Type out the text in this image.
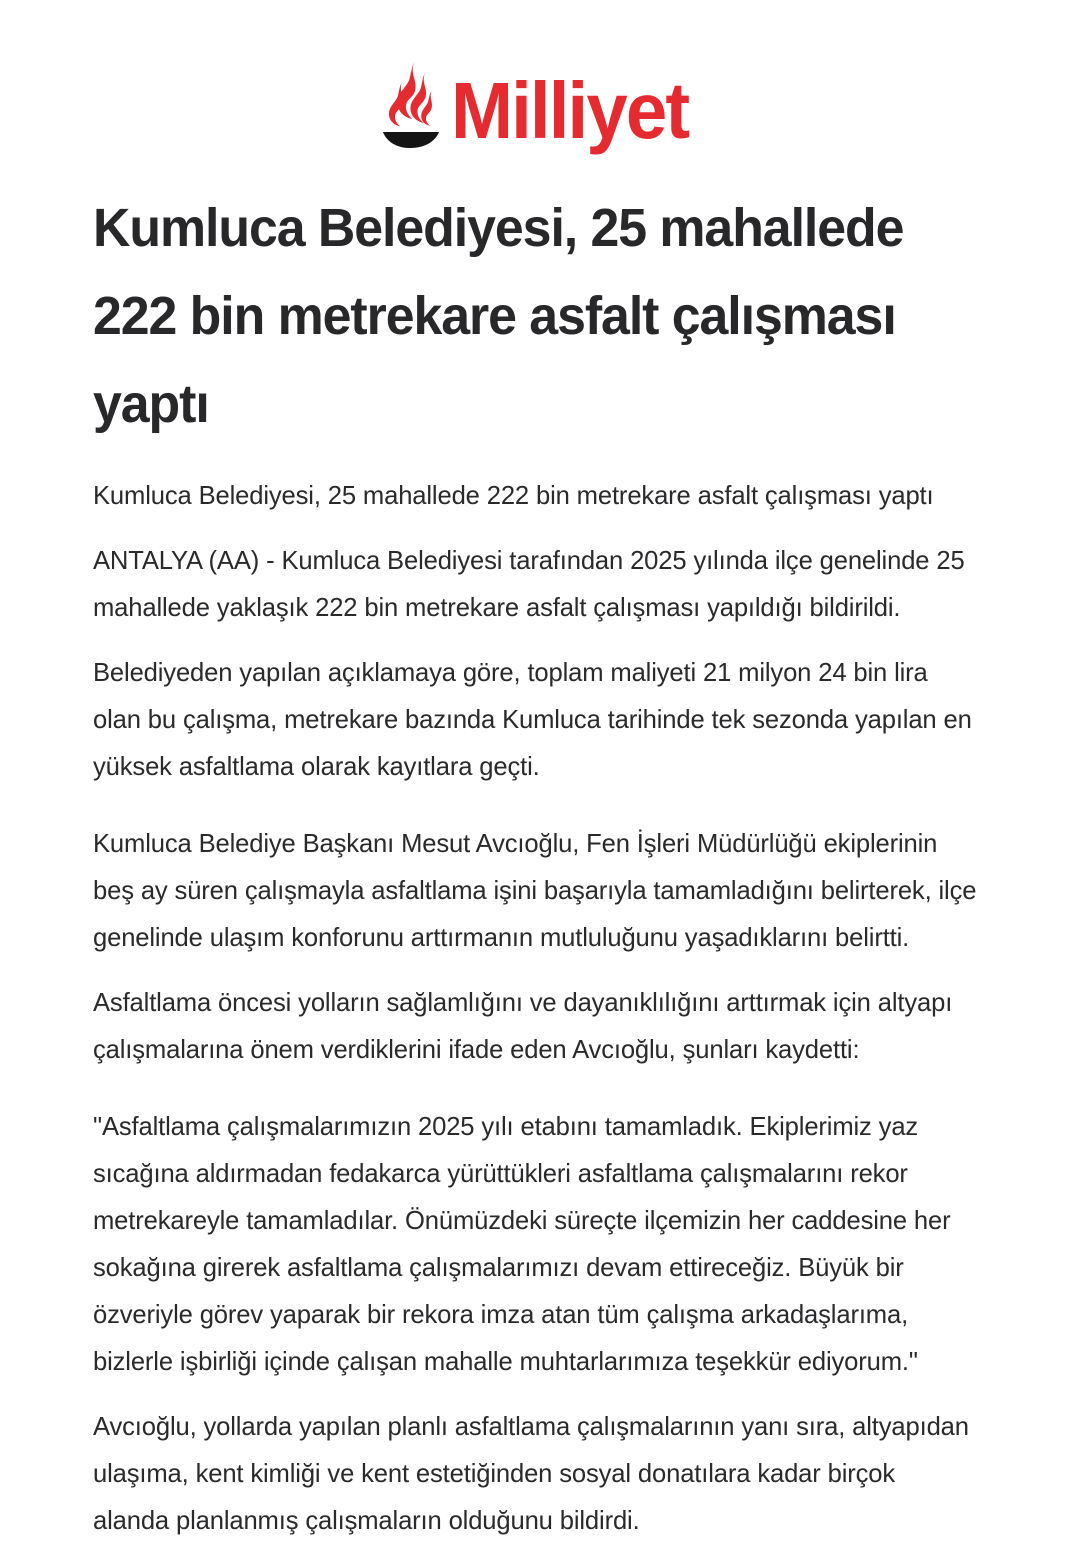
Milliyet
Kumluca Belediyesi, 25 mahallede 222 bin metrekare asfalt çalışması yaptı

Kumluca Belediyesi, 25 mahallede 222 bin metrekare asfalt çalışması yaptı

ANTALYA (AA) - Kumluca Belediyesi tarafından 2025 yılında ilçe genelinde 25 mahallede yaklaşık 222 bin metrekare asfalt çalışması yapıldığı bildirildi.

Belediyeden yapılan açıklamaya göre, toplam maliyeti 21 milyon 24 bin lira olan bu çalışma, metrekare bazında Kumluca tarihinde tek sezonda yapılan en yüksek asfaltlama olarak kayıtlara geçti.

Kumluca Belediye Başkanı Mesut Avcıoğlu, Fen İşleri Müdürlüğü ekiplerinin beş ay süren çalışmayla asfaltlama işini başarıyla tamamladığını belirterek, ilçe genelinde ulaşım konforunu arttırmanın mutluluğunu yaşadıklarını belirtti.

Asfaltlama öncesi yolların sağlamlığını ve dayanıklılığını arttırmak için altyapı çalışmalarına önem verdiklerini ifade eden Avcıoğlu, şunları kaydetti:

"Asfaltlama çalışmalarımızın 2025 yılı etabını tamamladık. Ekiplerimiz yaz sıcağına aldırmadan fedakarca yürüttükleri asfaltlama çalışmalarını rekor metrekareyle tamamladılar. Önümüzdeki süreçte ilçemizin her caddesine her sokağına girerek asfaltlama çalışmalarımızı devam ettireceğiz. Büyük bir özveriyle görev yaparak bir rekora imza atan tüm çalışma arkadaşlarıma, bizlerle işbirliği içinde çalışan mahalle muhtarlarımıza teşekkür ediyorum."

Avcıoğlu, yollarda yapılan planlı asfaltlama çalışmalarının yanı sıra, altyapıdan ulaşıma, kent kimliği ve kent estetiğinden sosyal donatılara kadar birçok alanda planlanmış çalışmaların olduğunu bildirdi.
